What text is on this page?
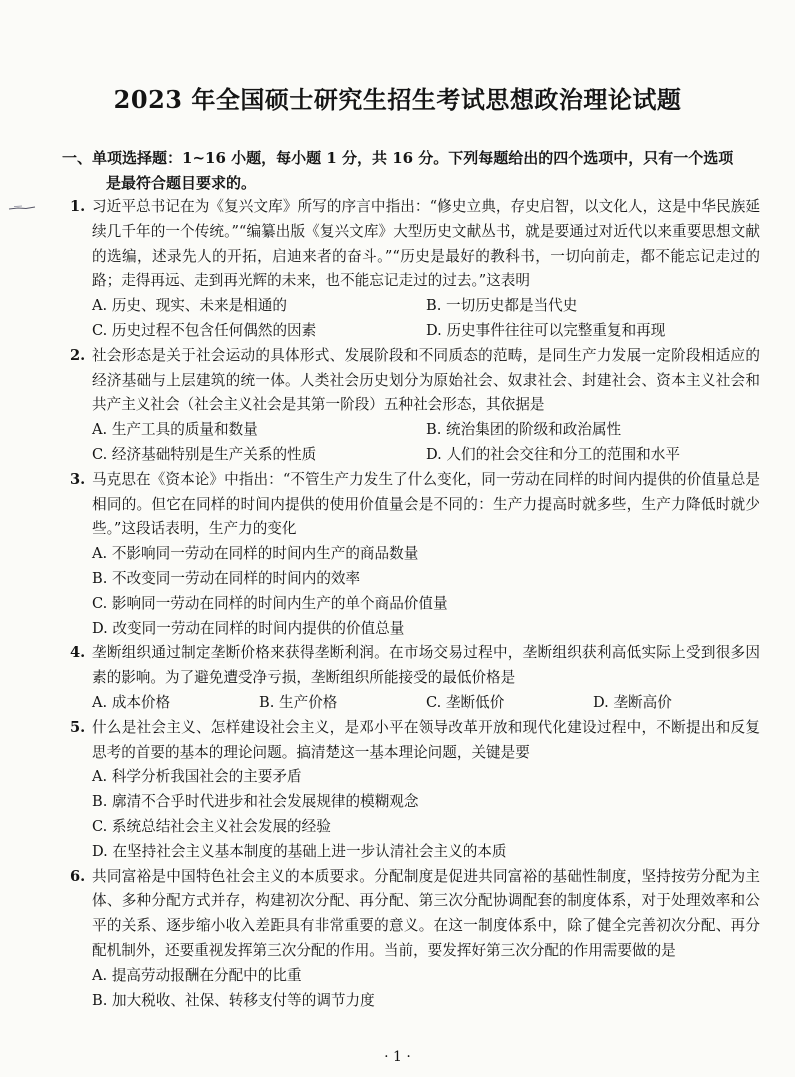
2023 年全国硕士研究生招生考试思想政治理论试题
一、单项选择题：1~16 小题，每小题 1 分，共 16 分。下列每题给出的四个选项中，只有一个选项
是最符合题目要求的。
1. 习近平总书记在为《复兴文库》所写的序言中指出：“修史立典，存史启智，以文化人，这是中华民族延续几千年的一个传统。”“编纂出版《复兴文库》大型历史文献丛书，就是要通过对近代以来重要思想文献的选编，述录先人的开拓，启迪来者的奋斗。”“历史是最好的教科书，一切向前走，都不能忘记走过的路；走得再远、走到再光辉的未来，也不能忘记走过的过去。”这表明
A. 历史、现实、未来是相通的	B. 一切历史都是当代史
C. 历史过程不包含任何偶然的因素	D. 历史事件往往可以完整重复和再现
2. 社会形态是关于社会运动的具体形式、发展阶段和不同质态的范畴，是同生产力发展一定阶段相适应的经济基础与上层建筑的统一体。人类社会历史划分为原始社会、奴隶社会、封建社会、资本主义社会和共产主义社会（社会主义社会是其第一阶段）五种社会形态，其依据是
A. 生产工具的质量和数量	B. 统治集团的阶级和政治属性
C. 经济基础特别是生产关系的性质	D. 人们的社会交往和分工的范围和水平
3. 马克思在《资本论》中指出：“不管生产力发生了什么变化，同一劳动在同样的时间内提供的价值量总是相同的。但它在同样的时间内提供的使用价值量会是不同的：生产力提高时就多些，生产力降低时就少些。”这段话表明，生产力的变化
A. 不影响同一劳动在同样的时间内生产的商品数量
B. 不改变同一劳动在同样的时间内的效率
C. 影响同一劳动在同样的时间内生产的单个商品价值量
D. 改变同一劳动在同样的时间内提供的价值总量
4. 垄断组织通过制定垄断价格来获得垄断利润。在市场交易过程中，垄断组织获利高低实际上受到很多因素的影响。为了避免遭受净亏损，垄断组织所能接受的最低价格是
A. 成本价格	B. 生产价格	C. 垄断低价	D. 垄断高价
5. 什么是社会主义、怎样建设社会主义，是邓小平在领导改革开放和现代化建设过程中，不断提出和反复思考的首要的基本的理论问题。搞清楚这一基本理论问题，关键是要
A. 科学分析我国社会的主要矛盾
B. 廓清不合乎时代进步和社会发展规律的模糊观念
C. 系统总结社会主义社会发展的经验
D. 在坚持社会主义基本制度的基础上进一步认清社会主义的本质
6. 共同富裕是中国特色社会主义的本质要求。分配制度是促进共同富裕的基础性制度，坚持按劳分配为主体、多种分配方式并存，构建初次分配、再分配、第三次分配协调配套的制度体系，对于处理效率和公平的关系、逐步缩小收入差距具有非常重要的意义。在这一制度体系中，除了健全完善初次分配、再分配机制外，还要重视发挥第三次分配的作用。当前，要发挥好第三次分配的作用需要做的是
A. 提高劳动报酬在分配中的比重
B. 加大税收、社保、转移支付等的调节力度
· 1 ·
